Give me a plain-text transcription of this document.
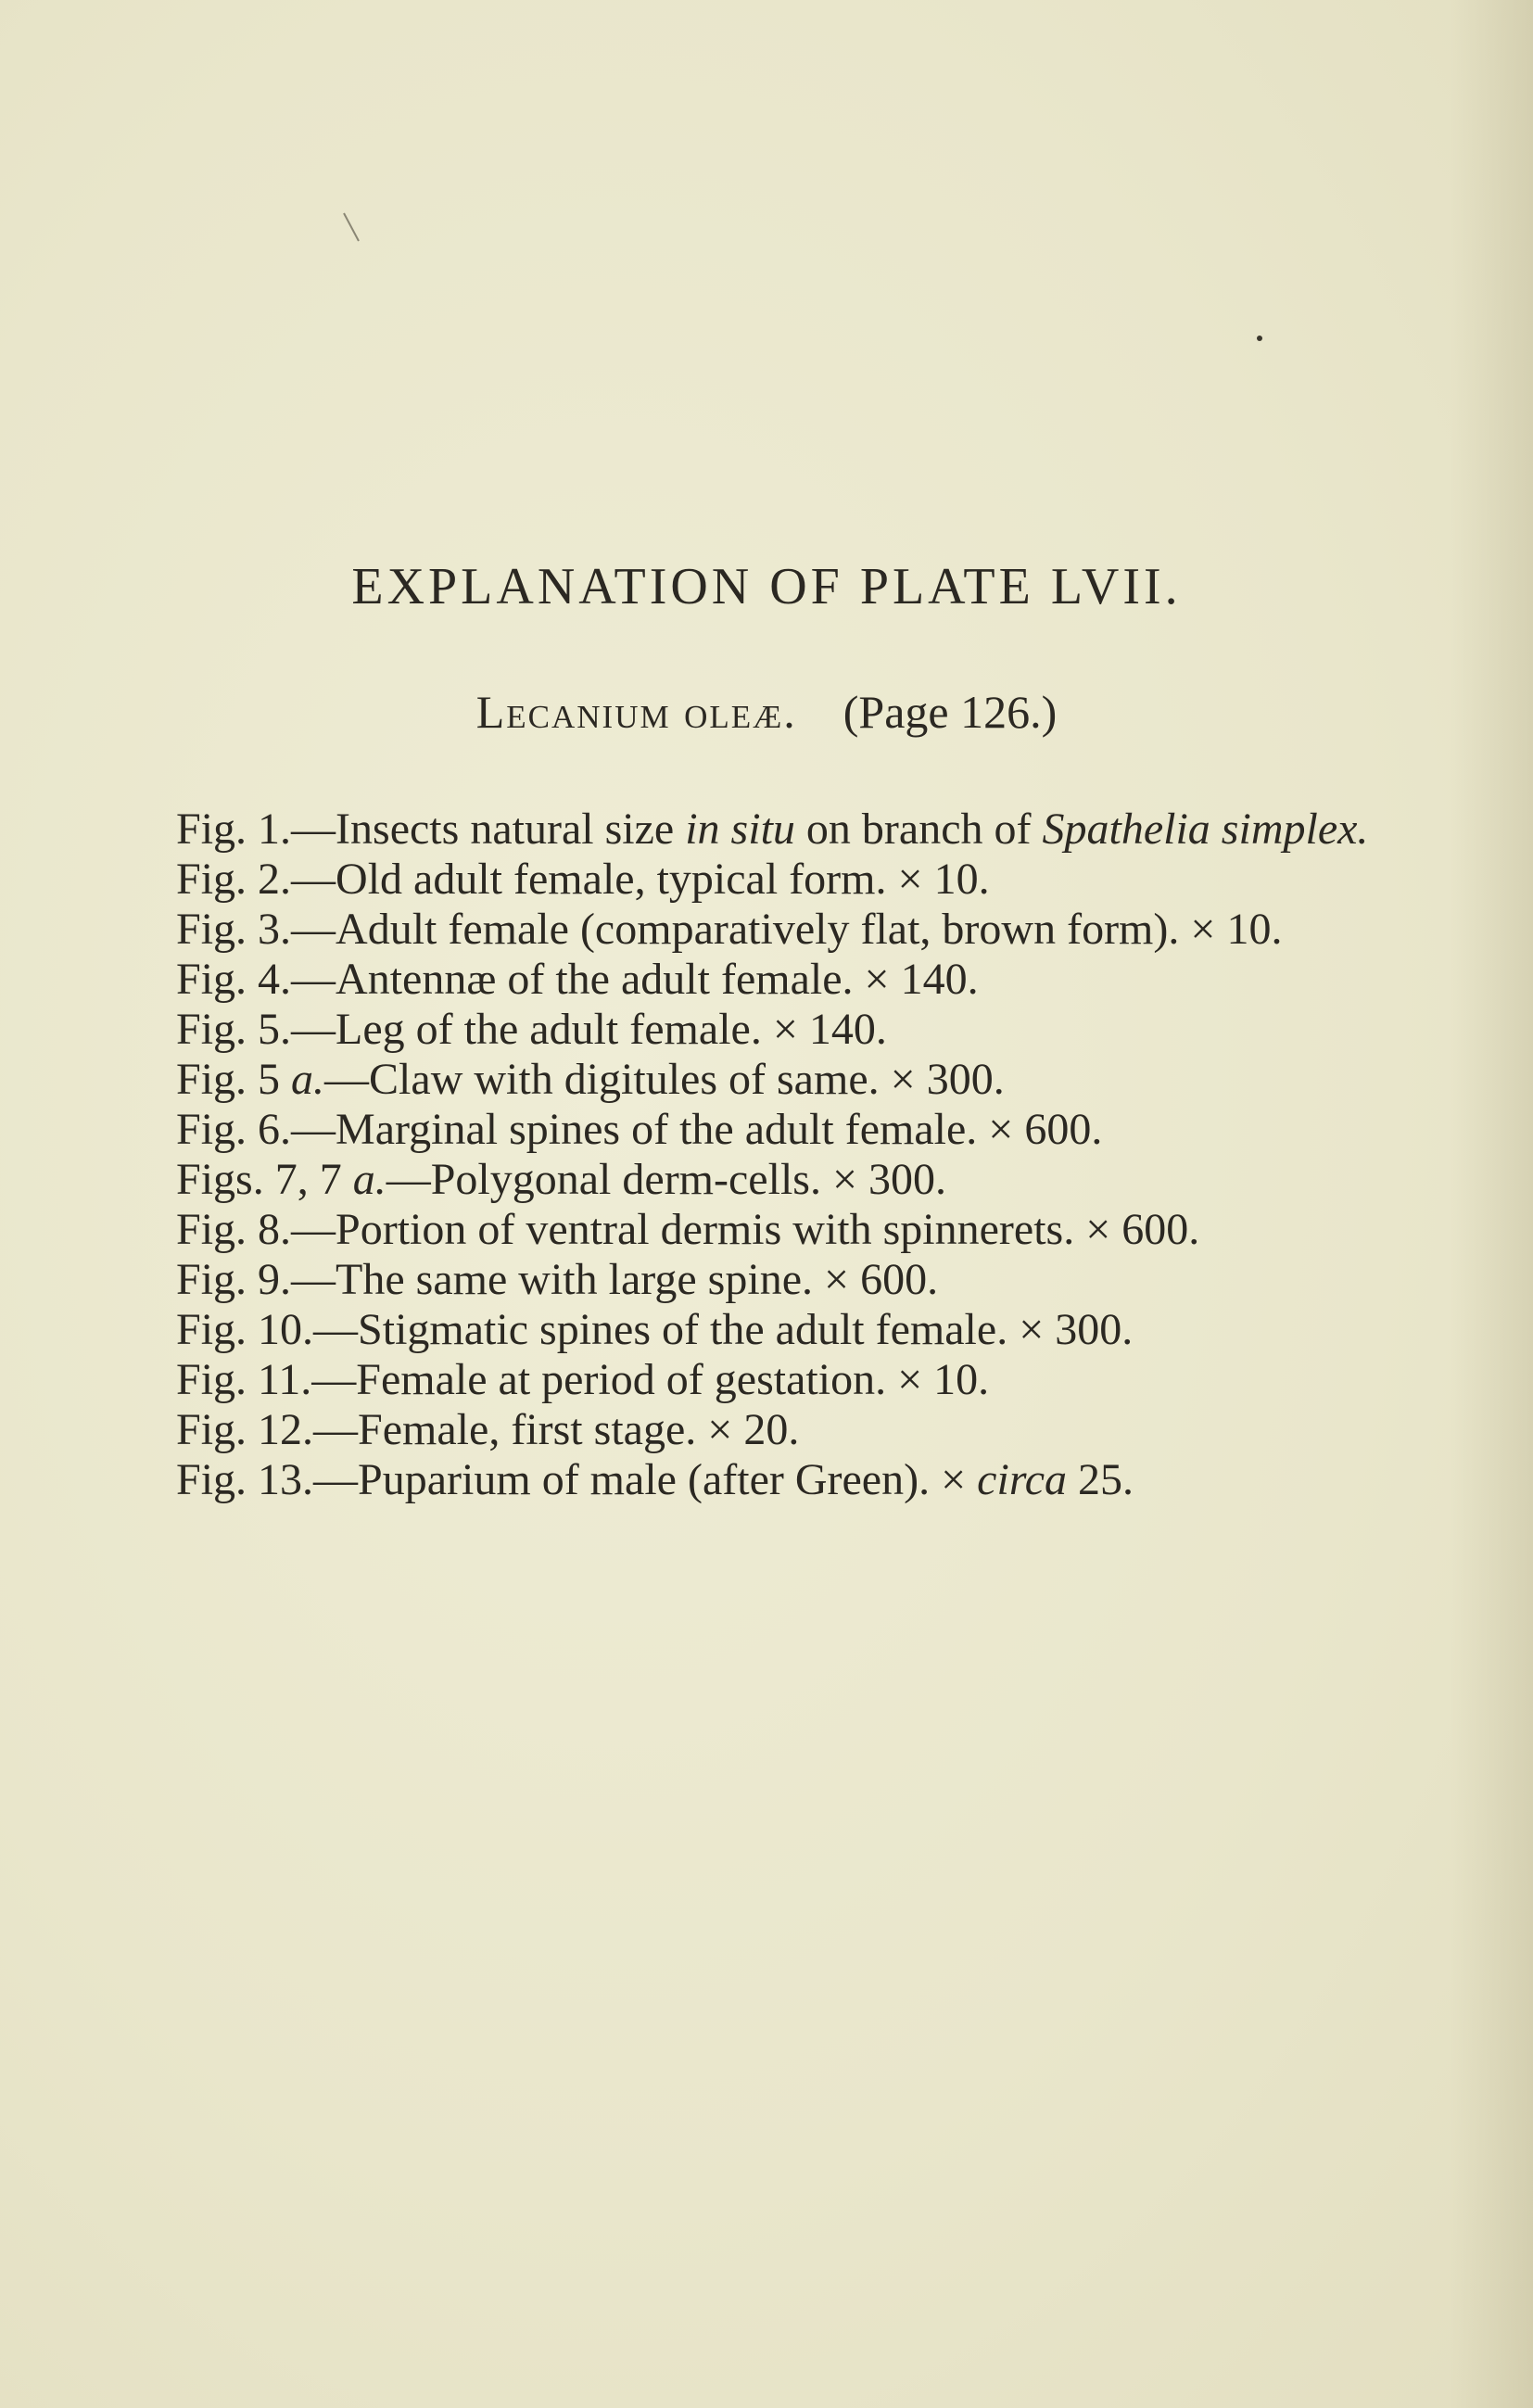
EXPLANATION OF PLATE LVII.
Lecanium oleæ. (Page 126.)
Fig. 1.—Insects natural size in situ on branch of Spathelia simplex.
Fig. 2.—Old adult female, typical form. × 10.
Fig. 3.—Adult female (comparatively flat, brown form). × 10.
Fig. 4.—Antennæ of the adult female. × 140.
Fig. 5.—Leg of the adult female. × 140.
Fig. 5 a.—Claw with digitules of same. × 300.
Fig. 6.—Marginal spines of the adult female. × 600.
Figs. 7, 7 a.—Polygonal derm-cells. × 300.
Fig. 8.—Portion of ventral dermis with spinnerets. × 600.
Fig. 9.—The same with large spine. × 600.
Fig. 10.—Stigmatic spines of the adult female. × 300.
Fig. 11.—Female at period of gestation. × 10.
Fig. 12.—Female, first stage. × 20.
Fig. 13.—Puparium of male (after Green). × circa 25.
